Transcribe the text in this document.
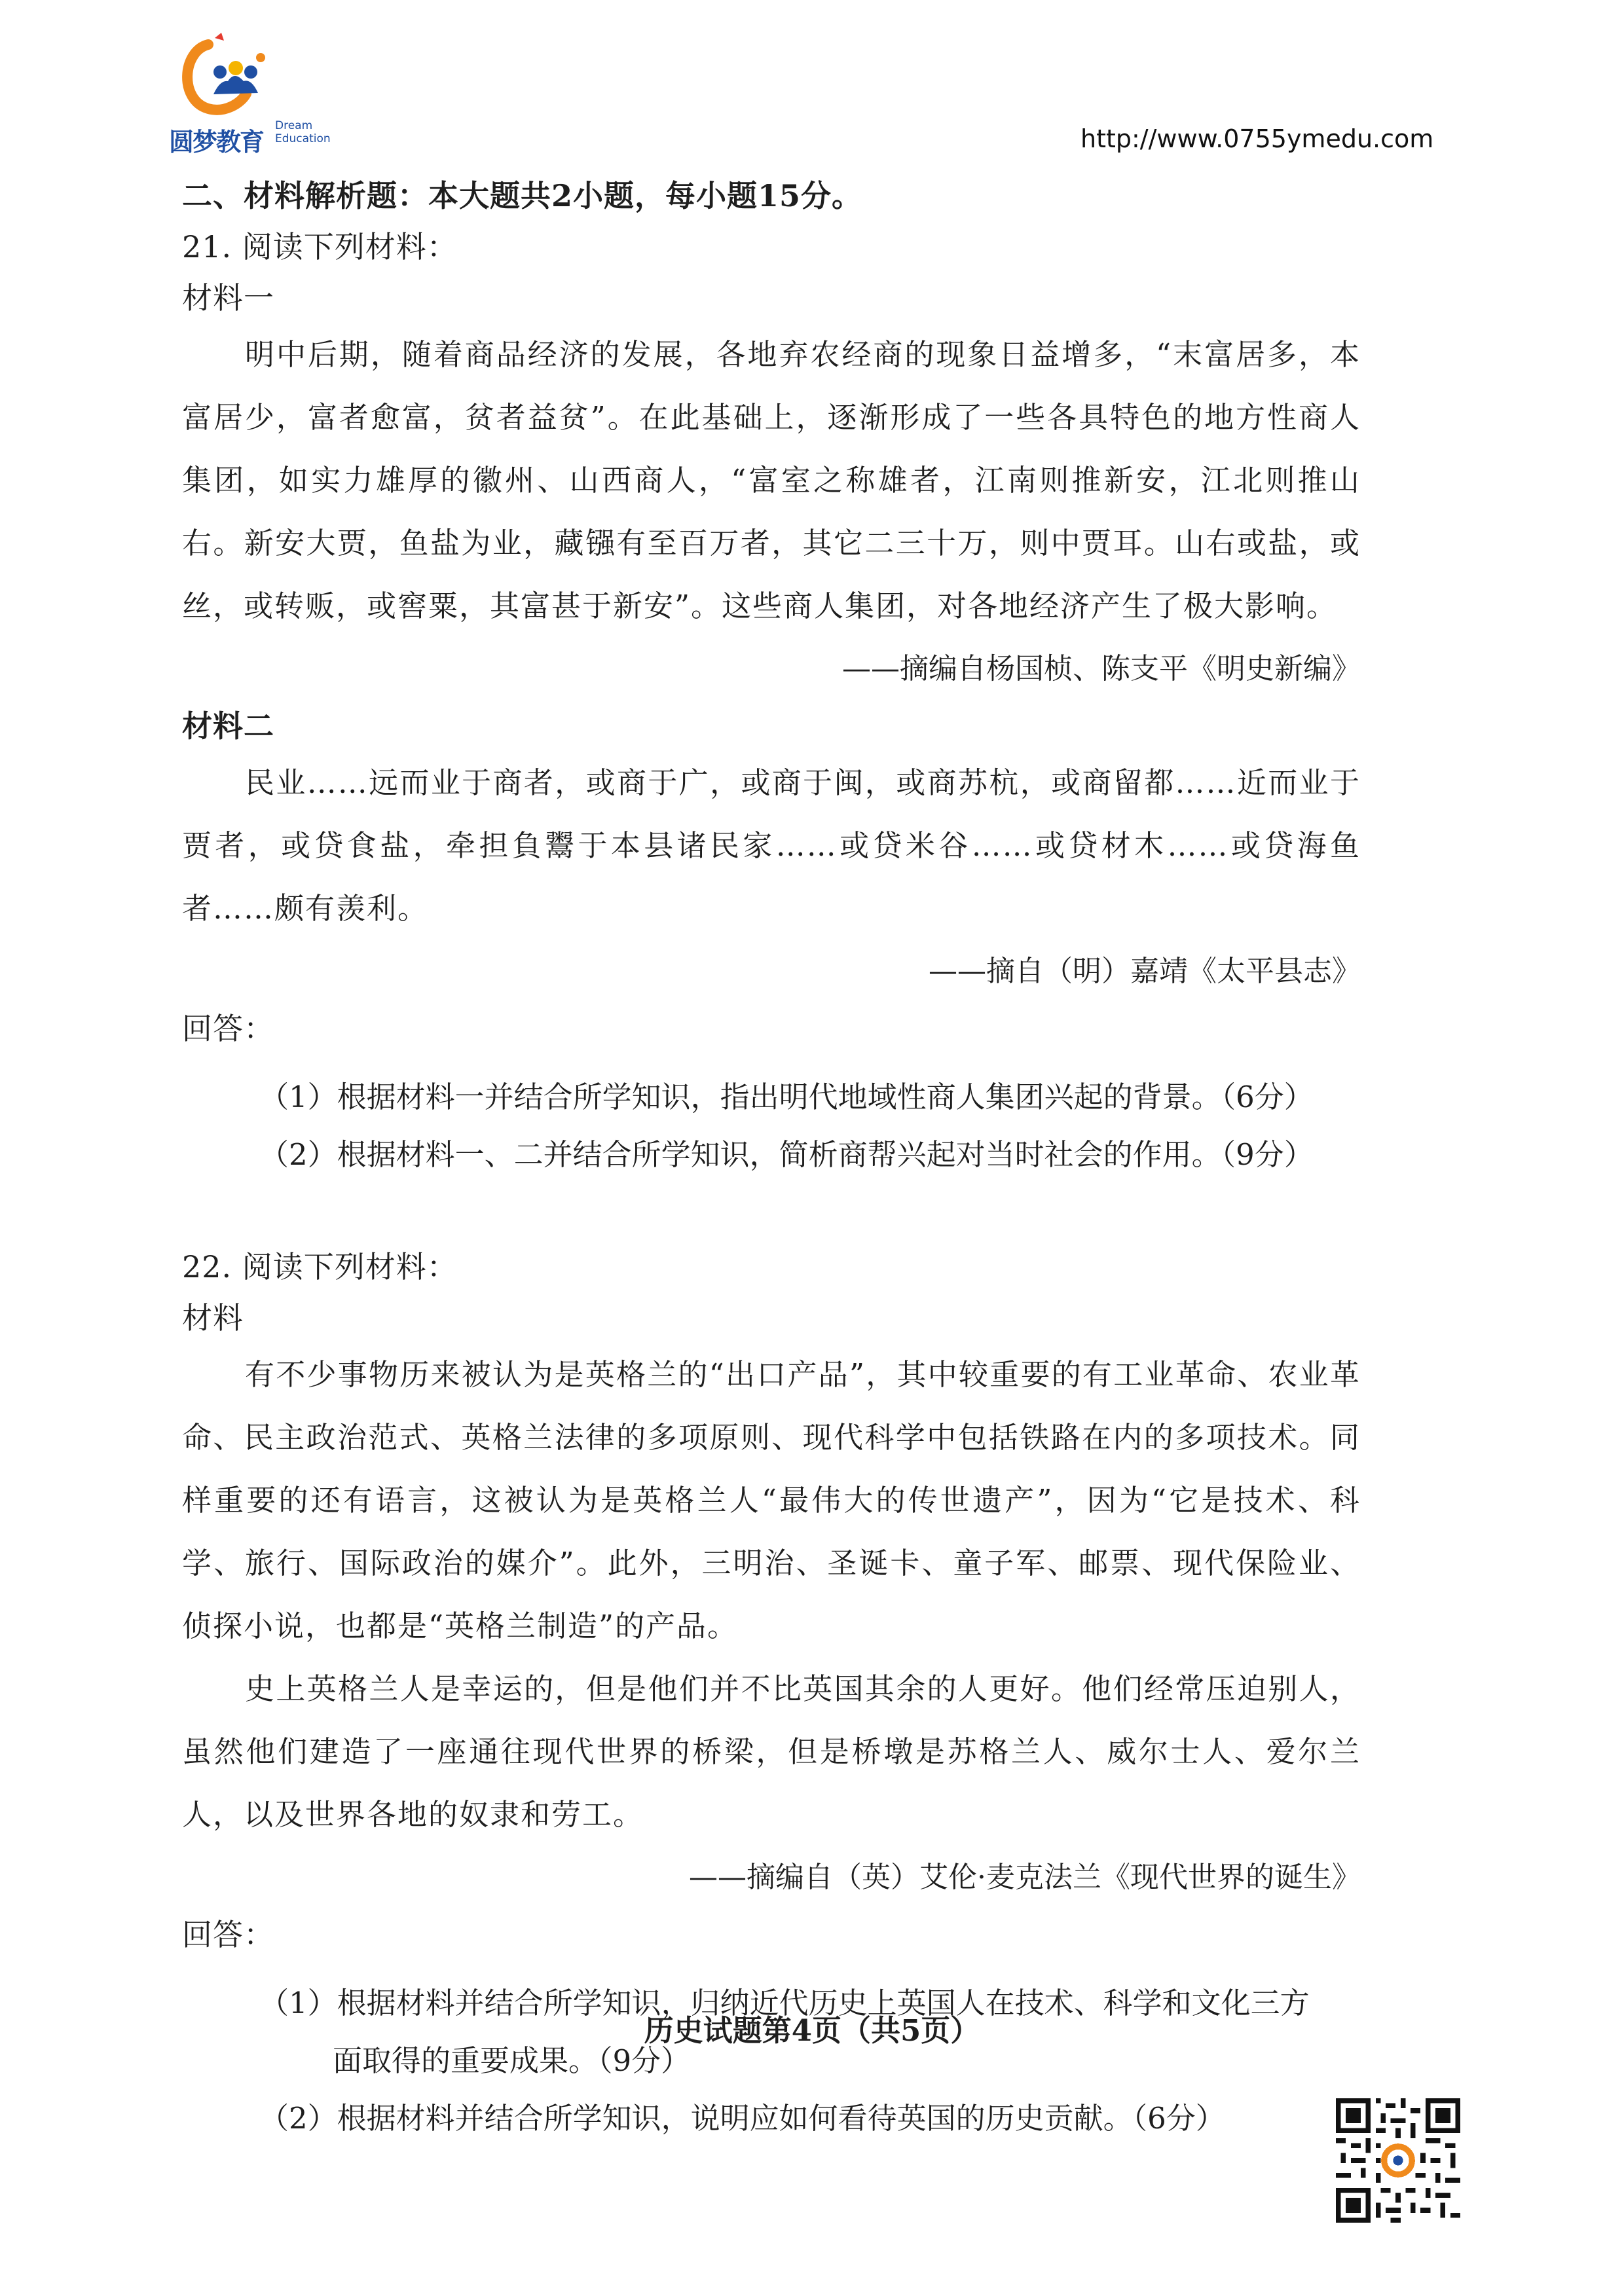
圆梦教育
Dream
Education	http://www.0755ymedu.com
二、材料解析题：本大题共2小题，每小题15分。
21. 阅读下列材料：
材料一

明中后期，随着商品经济的发展，各地弃农经商的现象日益增多，“末富居多，本富居少，富者愈富，贫者益贫”。在此基础上，逐渐形成了一些各具特色的地方性商人集团，如实力雄厚的徽州、山西商人，“富室之称雄者，江南则推新安，江北则推山右。新安大贾，鱼盐为业，藏镪有至百万者，其它二三十万，则中贾耳。山右或盐，或丝，或转贩，或窖粟，其富甚于新安”。这些商人集团，对各地经济产生了极大影响。

——摘编自杨国桢、陈支平《明史新编》

材料二

民业……远而业于商者，或商于广，或商于闽，或商苏杭，或商留都……近而业于贾者，或贷食盐，牵担負鬻于本县诸民家……或贷米谷……或贷材木……或贷海鱼者……颇有羡利。

——摘自（明）嘉靖《太平县志》

回答：

（1）根据材料一并结合所学知识，指出明代地域性商人集团兴起的背景。（6分）

（2）根据材料一、二并结合所学知识，简析商帮兴起对当时社会的作用。（9分）

22. 阅读下列材料：
材料

有不少事物历来被认为是英格兰的“出口产品”，其中较重要的有工业革命、农业革命、民主政治范式、英格兰法律的多项原则、现代科学中包括铁路在内的多项技术。同样重要的还有语言，这被认为是英格兰人“最伟大的传世遗产”，因为“它是技术、科学、旅行、国际政治的媒介”。此外，三明治、圣诞卡、童子军、邮票、现代保险业、侦探小说，也都是“英格兰制造”的产品。

史上英格兰人是幸运的，但是他们并不比英国其余的人更好。他们经常压迫别人，虽然他们建造了一座通往现代世界的桥梁，但是桥墩是苏格兰人、威尔士人、爱尔兰人，以及世界各地的奴隶和劳工。

——摘编自（英）艾伦·麦克法兰《现代世界的诞生》

回答：

（1）根据材料并结合所学知识，归纳近代历史上英国人在技术、科学和文化三方

面取得的重要成果。（9分）

（2）根据材料并结合所学知识，说明应如何看待英国的历史贡献。（6分）

历史试题第4页（共5页）
